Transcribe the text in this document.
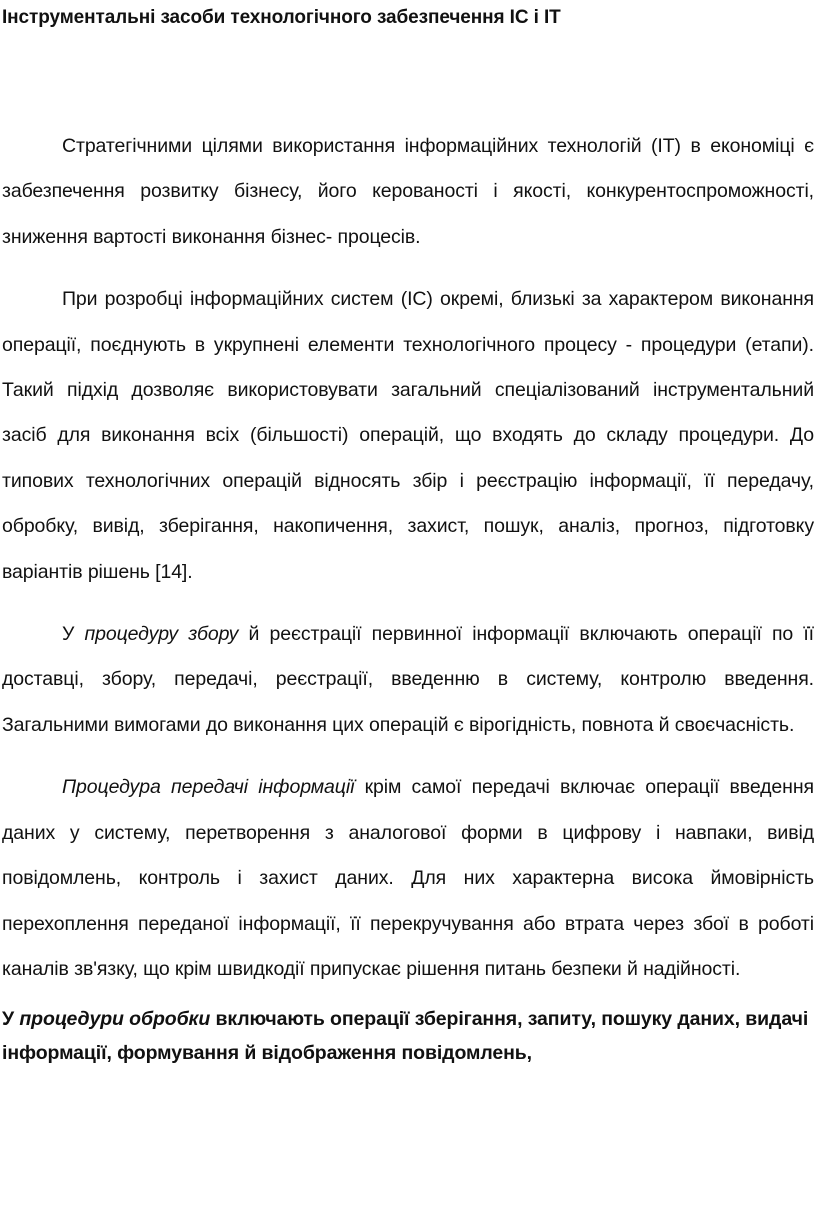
Інструментальні засоби технологічного забезпечення ІС і ІТ

Стратегічними цілями використання інформаційних технологій (ІТ) в економіці є забезпечення розвитку бізнесу, його керованості і якості, конкурентоспроможності, зниження вартості виконання бізнес- процесів.

При розробці інформаційних систем (ІС) окремі, близькі за характером виконання операції, поєднують в укрупнені елементи технологічного процесу - процедури (етапи). Такий підхід дозволяє використовувати загальний спеціалізований інструментальний засіб для виконання всіх (більшості) операцій, що входять до складу процедури. До типових технологічних операцій відносять збір і реєстрацію інформації, її передачу, обробку, вивід, зберігання, накопичення, захист, пошук, аналіз, прогноз, підготовку варіантів рішень [14].

У процедуру збору й реєстрації первинної інформації включають операції по її доставці, збору, передачі, реєстрації, введенню в систему, контролю введення. Загальними вимогами до виконання цих операцій є вірогідність, повнота й своєчасність.

Процедура передачі інформації крім самої передачі включає операції введення даних у систему, перетворення з аналогової форми в цифрову і навпаки, вивід повідомлень, контроль і захист даних. Для них характерна висока ймовірність перехоплення переданої інформації, її перекручування або втрата через збої в роботі каналів зв'язку, що крім швидкодії припускає рішення питань безпеки й надійності.

У процедури обробки включають операції зберігання, запиту, пошуку даних, видачі інформації, формування й відображення повідомлень,
